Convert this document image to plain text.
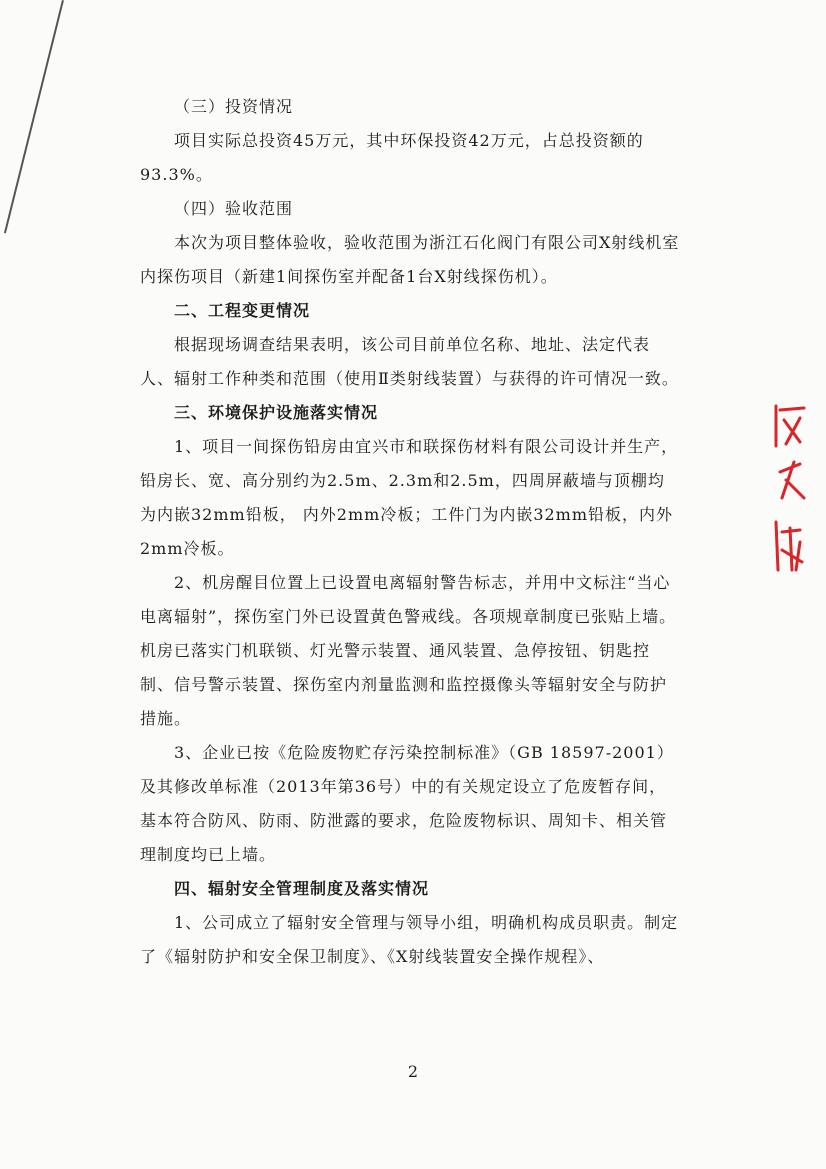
（三）投资情况

项目实际总投资45万元，其中环保投资42万元，占总投资额的93.3%。

（四）验收范围

本次为项目整体验收，验收范围为浙江石化阀门有限公司X射线机室内探伤项目（新建1间探伤室并配备1台X射线探伤机）。

二、工程变更情况

根据现场调查结果表明，该公司目前单位名称、地址、法定代表人、辐射工作种类和范围（使用Ⅱ类射线装置）与获得的许可情况一致。

三、环境保护设施落实情况

1、项目一间探伤铅房由宜兴市和联探伤材料有限公司设计并生产， 铅房长、宽、高分别约为2.5m、2.3m和2.5m，四周屏蔽墙与顶棚均为内嵌32mm铅板， 内外2mm冷板；工件门为内嵌32mm铅板，内外2mm冷板。

2、机房醒目位置上已设置电离辐射警告标志，并用中文标注“当心电离辐射”，探伤室门外已设置黄色警戒线。各项规章制度已张贴上墙。机房已落实门机联锁、灯光警示装置、通风装置、急停按钮、钥匙控制、信号警示装置、探伤室内剂量监测和监控摄像头等辐射安全与防护措施。

3、企业已按《危险废物贮存污染控制标准》（GB 18597-2001）及其修改单标准（2013年第36号）中的有关规定设立了危废暂存间，基本符合防风、防雨、防泄露的要求，危险废物标识、周知卡、相关管理制度均已上墙。

四、辐射安全管理制度及落实情况

1、公司成立了辐射安全管理与领导小组，明确机构成员职责。制定了《辐射防护和安全保卫制度》、《X射线装置安全操作规程》、

2
